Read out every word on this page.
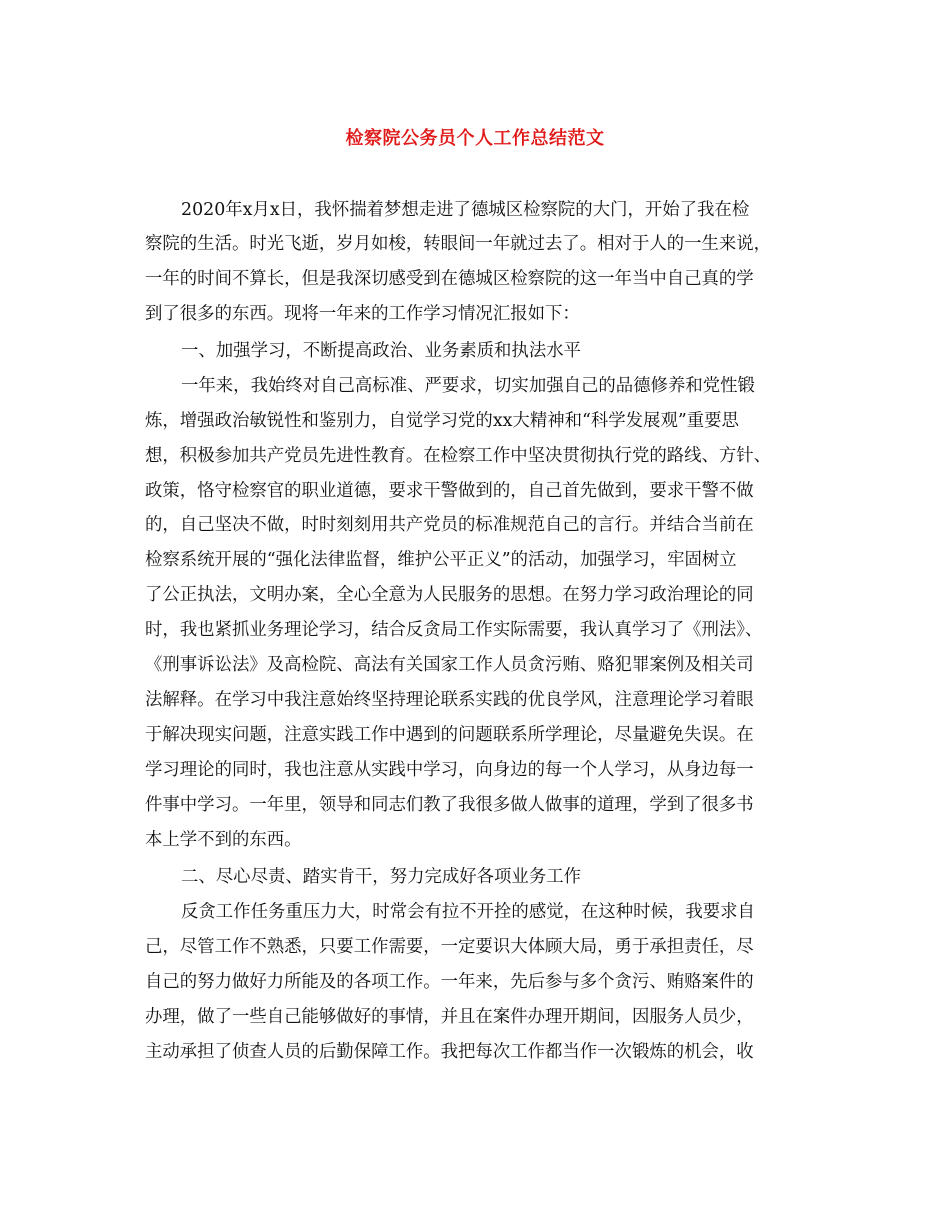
检察院公务员个人工作总结范文
2020年x月x日，我怀揣着梦想走进了德城区检察院的大门，开始了我在检
察院的生活。时光飞逝，岁月如梭，转眼间一年就过去了。相对于人的一生来说，
一年的时间不算长，但是我深切感受到在德城区检察院的这一年当中自己真的学
到了很多的东西。现将一年来的工作学习情况汇报如下：
一、加强学习，不断提高政治、业务素质和执法水平
一年来，我始终对自己高标准、严要求，切实加强自己的品德修养和党性锻
炼，增强政治敏锐性和鉴别力，自觉学习党的xx大精神和“科学发展观”重要思
想，积极参加共产党员先进性教育。在检察工作中坚决贯彻执行党的路线、方针、
政策，恪守检察官的职业道德，要求干警做到的，自己首先做到，要求干警不做
的，自己坚决不做，时时刻刻用共产党员的标准规范自己的言行。并结合当前在
检察系统开展的“强化法律监督，维护公平正义”的活动，加强学习，牢固树立
了公正执法，文明办案，全心全意为人民服务的思想。在努力学习政治理论的同
时，我也紧抓业务理论学习，结合反贪局工作实际需要，我认真学习了《刑法》、
《刑事诉讼法》及高检院、高法有关国家工作人员贪污贿、赂犯罪案例及相关司
法解释。在学习中我注意始终坚持理论联系实践的优良学风，注意理论学习着眼
于解决现实问题，注意实践工作中遇到的问题联系所学理论，尽量避免失误。在
学习理论的同时，我也注意从实践中学习，向身边的每一个人学习，从身边每一
件事中学习。一年里，领导和同志们教了我很多做人做事的道理，学到了很多书
本上学不到的东西。
二、尽心尽责、踏实肯干，努力完成好各项业务工作
反贪工作任务重压力大，时常会有拉不开拴的感觉，在这种时候，我要求自
己，尽管工作不熟悉，只要工作需要，一定要识大体顾大局，勇于承担责任，尽
自己的努力做好力所能及的各项工作。一年来，先后参与多个贪污、贿赂案件的
办理，做了一些自己能够做好的事情，并且在案件办理开期间，因服务人员少，
主动承担了侦查人员的后勤保障工作。我把每次工作都当作一次锻炼的机会，收
